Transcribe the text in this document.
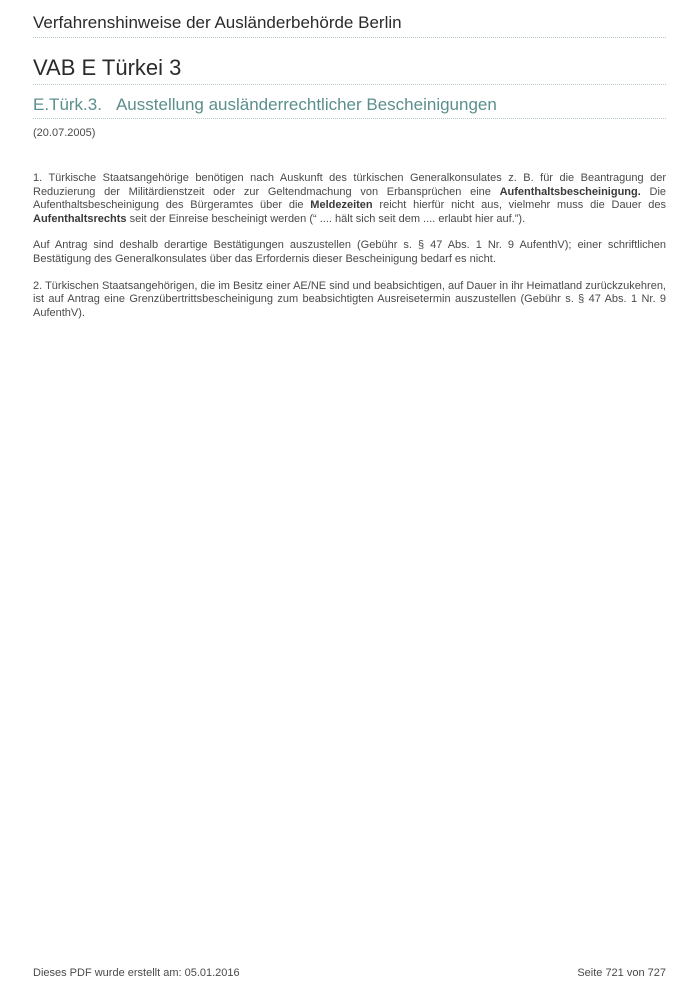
Verfahrenshinweise der Ausländerbehörde Berlin
VAB E Türkei 3
E.Türk.3. Ausstellung ausländerrechtlicher Bescheinigungen
(20.07.2005)

1. Türkische Staatsangehörige benötigen nach Auskunft des türkischen Generalkonsulates z. B. für die Beantragung der Reduzierung der Militärdienstzeit oder zur Geltendmachung von Erbansprüchen eine Aufenthaltsbescheinigung. Die Aufenthaltsbescheinigung des Bürgeramtes über die Meldezeiten reicht hierfür nicht aus, vielmehr muss die Dauer des Aufenthaltsrechts seit der Einreise bescheinigt werden (“ .... hält sich seit dem .... erlaubt hier auf.”).

Auf Antrag sind deshalb derartige Bestätigungen auszustellen (Gebühr s. § 47 Abs. 1 Nr. 9 AufenthV); einer schriftlichen Bestätigung des Generalkonsulates über das Erfordernis dieser Bescheinigung bedarf es nicht.

2. Türkischen Staatsangehörigen, die im Besitz einer AE/NE sind und beabsichtigen, auf Dauer in ihr Heimatland zurückzukehren, ist auf Antrag eine Grenzübertrittsbescheinigung zum beabsichtigten Ausreisetermin auszustellen (Gebühr s. § 47 Abs. 1 Nr. 9 AufenthV).

Dieses PDF wurde erstellt am: 05.01.2016	Seite 721 von 727
